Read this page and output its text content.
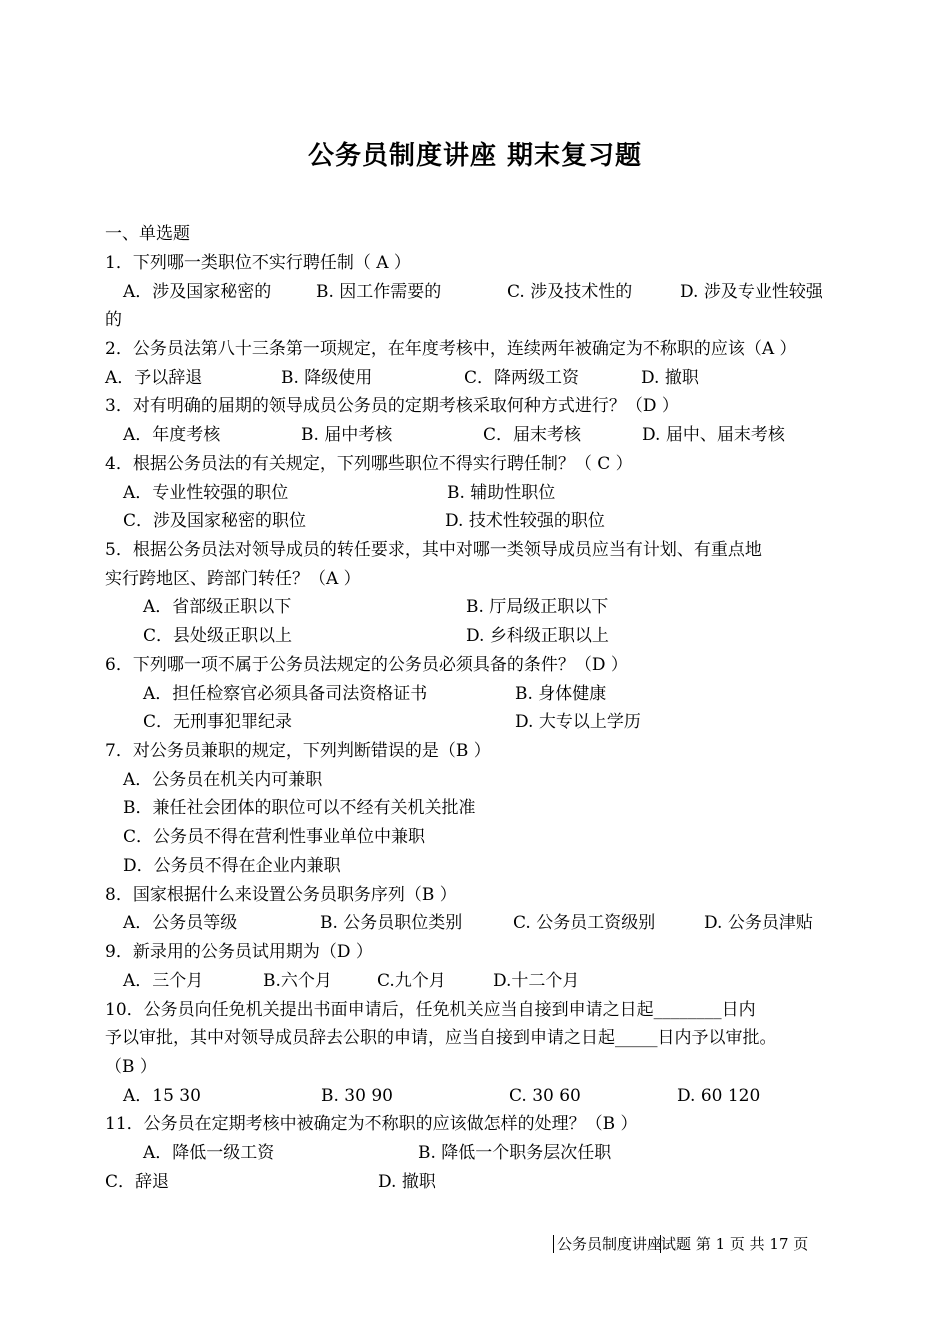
公务员制度讲座 期末复习题
一、单选题
1．下列哪一类职位不实行聘任制（ A ）
A．涉及国家秘密的	B. 因工作需要的	C. 涉及技术性的	D. 涉及专业性较强
的
2．公务员法第八十三条第一项规定，在年度考核中，连续两年被确定为不称职的应该（A ）
A．予以辞退	B. 降级使用	C．降两级工资	D. 撤职
3．对有明确的届期的领导成员公务员的定期考核采取何种方式进行？（D ）
A．年度考核	B. 届中考核	C．届末考核	D. 届中、届末考核
4．根据公务员法的有关规定，下列哪些职位不得实行聘任制？（ C ）
A．专业性较强的职位	B. 辅助性职位
C．涉及国家秘密的职位	D. 技术性较强的职位
5．根据公务员法对领导成员的转任要求，其中对哪一类领导成员应当有计划、有重点地
实行跨地区、跨部门转任？（A ）
A．省部级正职以下	B. 厅局级正职以下
C．县处级正职以上	D. 乡科级正职以上
6．下列哪一项不属于公务员法规定的公务员必须具备的条件？（D ）
A．担任检察官必须具备司法资格证书	B. 身体健康
C．无刑事犯罪纪录	D. 大专以上学历
7．对公务员兼职的规定，下列判断错误的是（B ）
A．公务员在机关内可兼职
B．兼任社会团体的职位可以不经有关机关批准
C．公务员不得在营利性事业单位中兼职
D．公务员不得在企业内兼职
8．国家根据什么来设置公务员职务序列（B ）
A．公务员等级	B. 公务员职位类别	C. 公务员工资级别	D. 公务员津贴
9．新录用的公务员试用期为（D ）
A．三个月	B.六个月	C.九个月	D.十二个月
10．公务员向任免机关提出书面申请后，任免机关应当自接到申请之日起________日内
予以审批，其中对领导成员辞去公职的申请，应当自接到申请之日起_____日内予以审批。
（B ）
A．15 30	B. 30 90	C. 30 60	D. 60 120
11．公务员在定期考核中被确定为不称职的应该做怎样的处理？（B ）
A．降低一级工资	B. 降低一个职务层次任职
C．辞退	D. 撤职
公务员制度讲座试题 第 1 页 共 17 页
